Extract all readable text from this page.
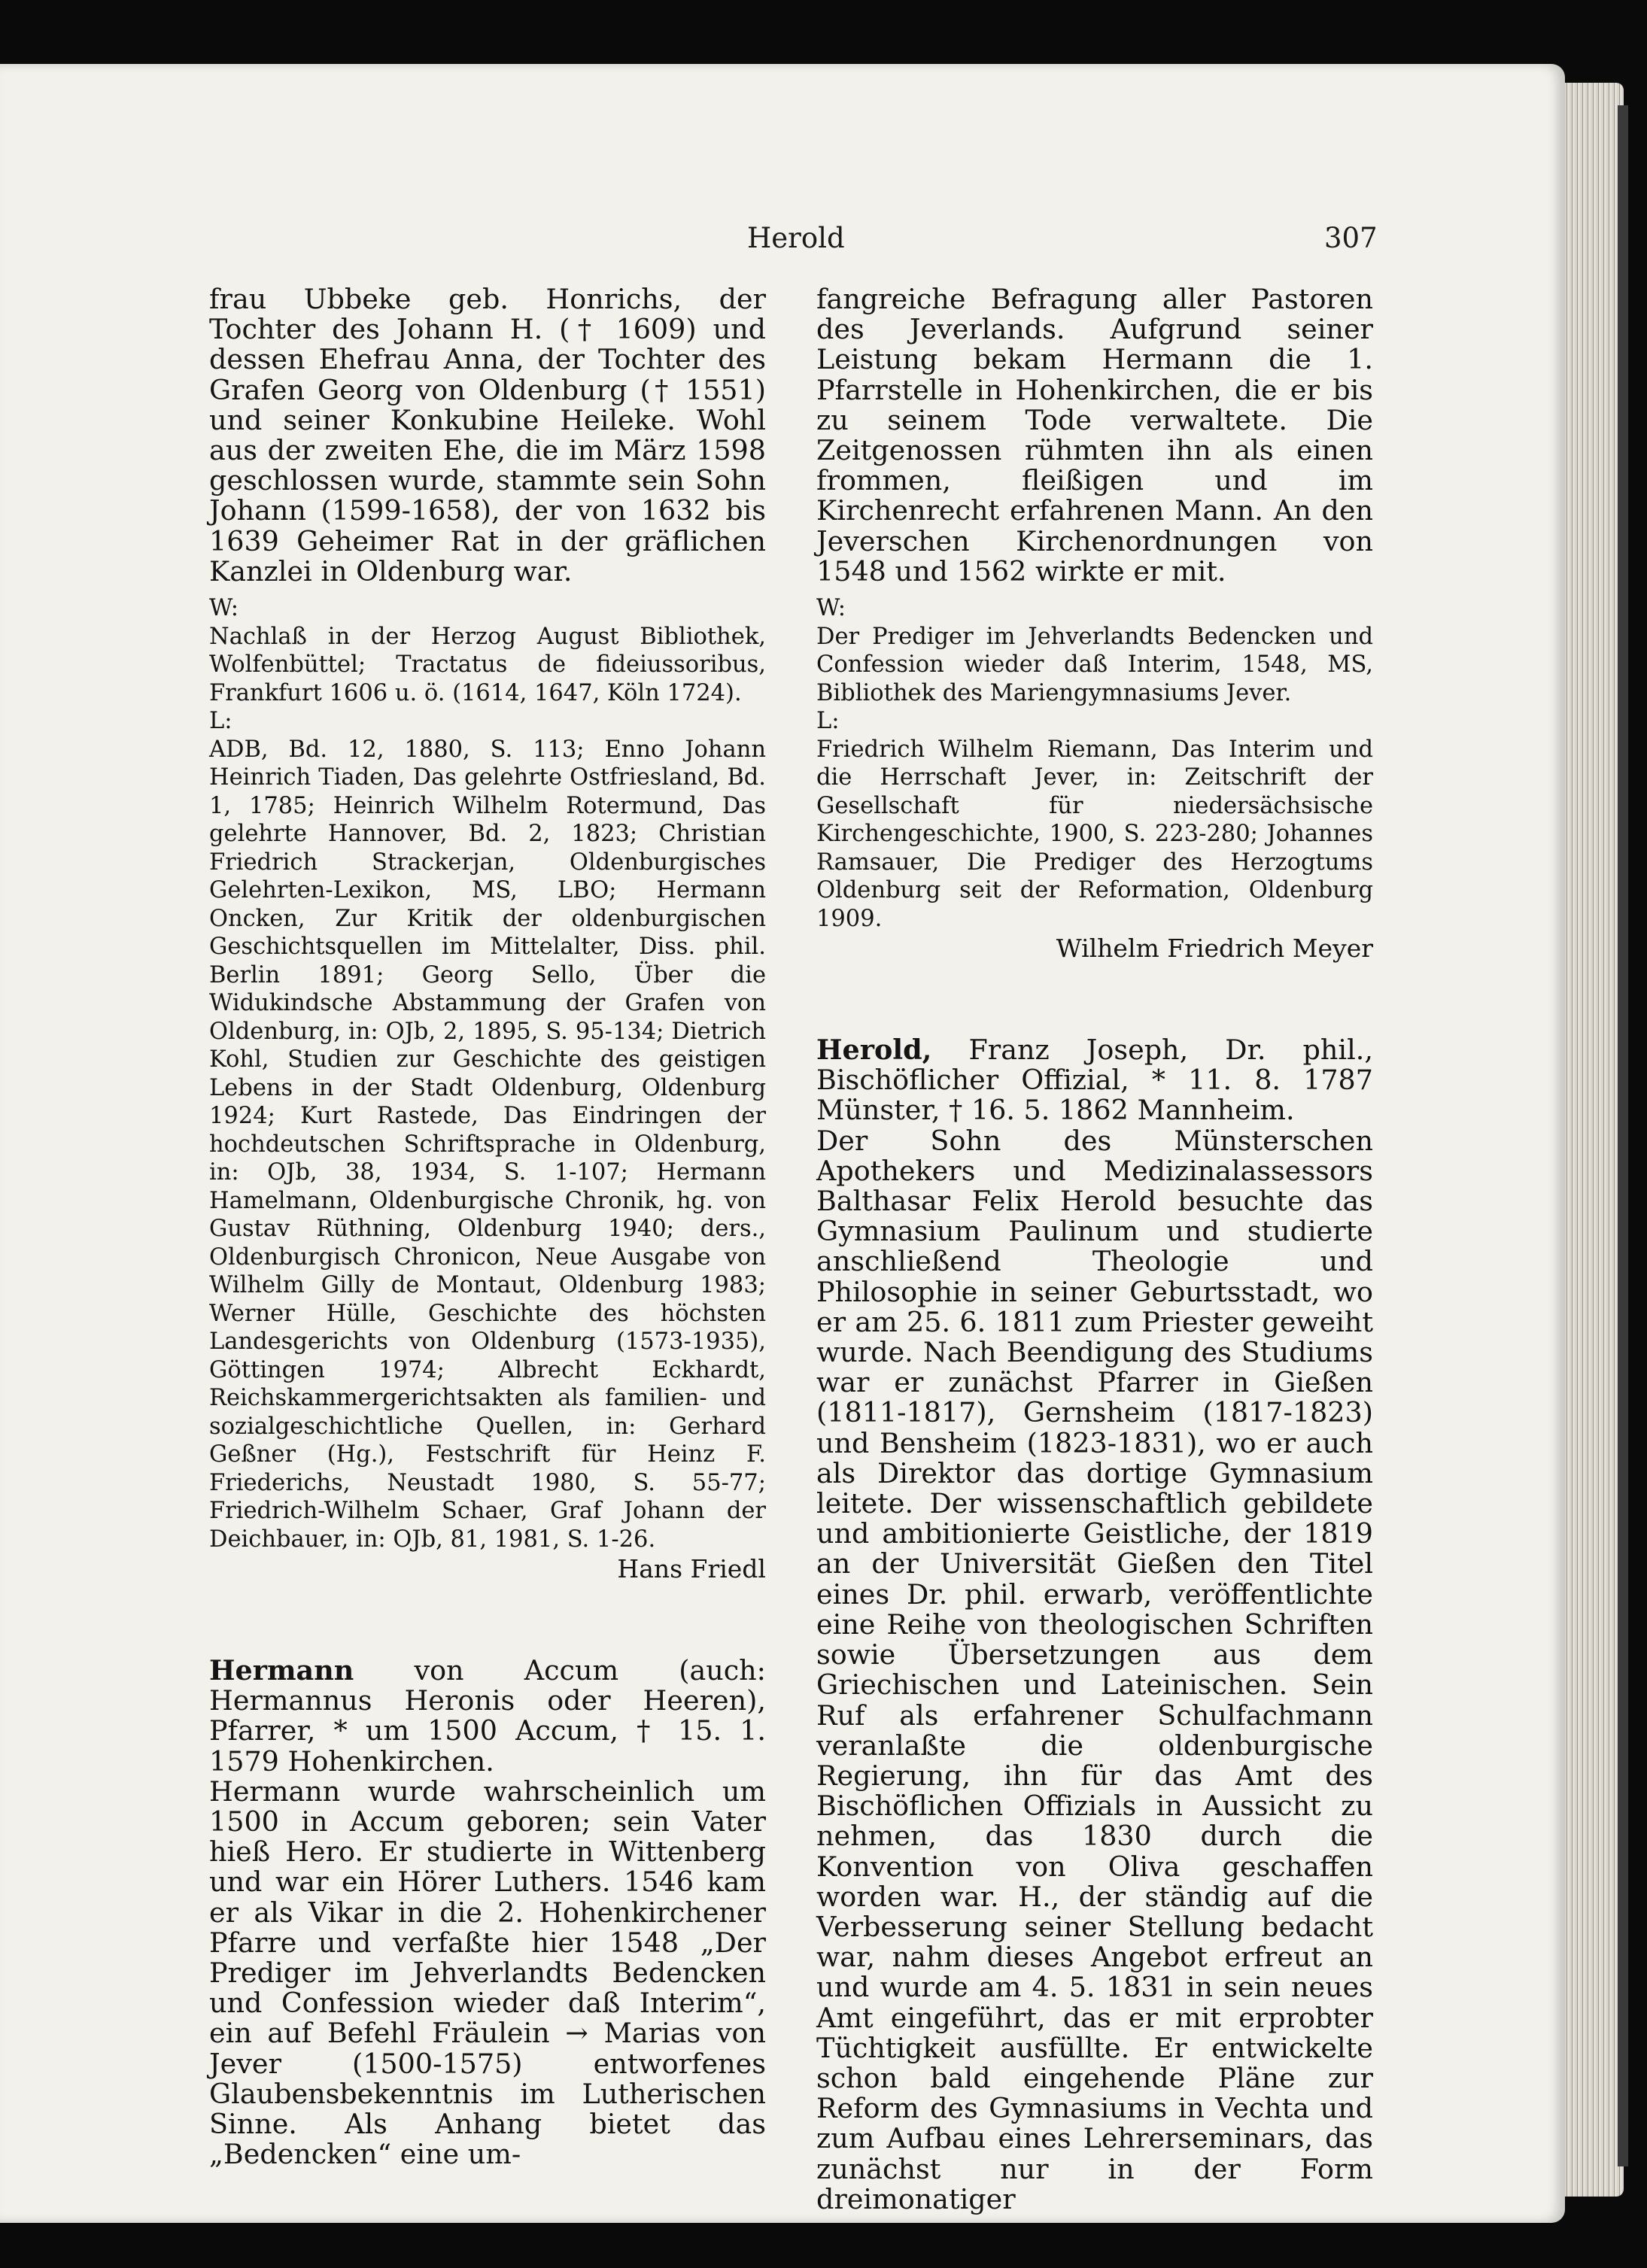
Herold	307

frau Ubbeke geb. Honrichs, der Tochter des Johann H. († 1609) und dessen Ehefrau Anna, der Tochter des Grafen Georg von Oldenburg († 1551) und seiner Konkubine Heileke. Wohl aus der zweiten Ehe, die im März 1598 geschlossen wurde, stammte sein Sohn Johann (1599-1658), der von 1632 bis 1639 Geheimer Rat in der gräflichen Kanzlei in Oldenburg war.

W:

Nachlaß in der Herzog August Bibliothek, Wolfenbüttel; Tractatus de fideiussoribus, Frankfurt 1606 u. ö. (1614, 1647, Köln 1724).

L:

ADB, Bd. 12, 1880, S. 113; Enno Johann Heinrich Tiaden, Das gelehrte Ostfriesland, Bd. 1, 1785; Heinrich Wilhelm Rotermund, Das gelehrte Hannover, Bd. 2, 1823; Christian Friedrich Strackerjan, Oldenburgisches Gelehrten-Lexikon, MS, LBO; Hermann Oncken, Zur Kritik der oldenburgischen Geschichtsquellen im Mittelalter, Diss. phil. Berlin 1891; Georg Sello, Über die Widukindsche Abstammung der Grafen von Oldenburg, in: OJb, 2, 1895, S. 95-134; Dietrich Kohl, Studien zur Geschichte des geistigen Lebens in der Stadt Oldenburg, Oldenburg 1924; Kurt Rastede, Das Eindringen der hochdeutschen Schriftsprache in Oldenburg, in: OJb, 38, 1934, S. 1-107; Hermann Hamelmann, Oldenburgische Chronik, hg. von Gustav Rüthning, Oldenburg 1940; ders., Oldenburgisch Chronicon, Neue Ausgabe von Wilhelm Gilly de Montaut, Oldenburg 1983; Werner Hülle, Geschichte des höchsten Landesgerichts von Oldenburg (1573-1935), Göttingen 1974; Albrecht Eckhardt, Reichskammergerichtsakten als familien- und sozialgeschichtliche Quellen, in: Gerhard Geßner (Hg.), Festschrift für Heinz F. Friederichs, Neustadt 1980, S. 55-77; Friedrich-Wilhelm Schaer, Graf Johann der Deichbauer, in: OJb, 81, 1981, S. 1-26.

Hans Friedl

Hermann von Accum (auch: Hermannus Heronis oder Heeren), Pfarrer, * um 1500 Accum, † 15. 1. 1579 Hohenkirchen.

Hermann wurde wahrscheinlich um 1500 in Accum geboren; sein Vater hieß Hero. Er studierte in Wittenberg und war ein Hörer Luthers. 1546 kam er als Vikar in die 2. Hohenkirchener Pfarre und verfaßte hier 1548 „Der Prediger im Jehverlandts Bedencken und Confession wieder daß Interim“, ein auf Befehl Fräulein → Marias von Jever (1500-1575) entworfenes Glaubensbekenntnis im Lutherischen Sinne. Als Anhang bietet das „Bedencken“ eine um-

fangreiche Befragung aller Pastoren des Jeverlands. Aufgrund seiner Leistung bekam Hermann die 1. Pfarrstelle in Hohenkirchen, die er bis zu seinem Tode verwaltete. Die Zeitgenossen rühmten ihn als einen frommen, fleißigen und im Kirchenrecht erfahrenen Mann. An den Jeverschen Kirchenordnungen von 1548 und 1562 wirkte er mit.

W:

Der Prediger im Jehverlandts Bedencken und Confession wieder daß Interim, 1548, MS, Bibliothek des Mariengymnasiums Jever.

L:

Friedrich Wilhelm Riemann, Das Interim und die Herrschaft Jever, in: Zeitschrift der Gesellschaft für niedersächsische Kirchengeschichte, 1900, S. 223-280; Johannes Ramsauer, Die Prediger des Herzogtums Oldenburg seit der Reformation, Oldenburg 1909.

Wilhelm Friedrich Meyer

Herold, Franz Joseph, Dr. phil., Bischöflicher Offizial, * 11. 8. 1787 Münster, † 16. 5. 1862 Mannheim.

Der Sohn des Münsterschen Apothekers und Medizinalassessors Balthasar Felix Herold besuchte das Gymnasium Paulinum und studierte anschließend Theologie und Philosophie in seiner Geburtsstadt, wo er am 25. 6. 1811 zum Priester geweiht wurde. Nach Beendigung des Studiums war er zunächst Pfarrer in Gießen (1811-1817), Gernsheim (1817-1823) und Bensheim (1823-1831), wo er auch als Direktor das dortige Gymnasium leitete. Der wissenschaftlich gebildete und ambitionierte Geistliche, der 1819 an der Universität Gießen den Titel eines Dr. phil. erwarb, veröffentlichte eine Reihe von theologischen Schriften sowie Übersetzungen aus dem Griechischen und Lateinischen. Sein Ruf als erfahrener Schulfachmann veranlaßte die oldenburgische Regierung, ihn für das Amt des Bischöflichen Offizials in Aussicht zu nehmen, das 1830 durch die Konvention von Oliva geschaffen worden war. H., der ständig auf die Verbesserung seiner Stellung bedacht war, nahm dieses Angebot erfreut an und wurde am 4. 5. 1831 in sein neues Amt eingeführt, das er mit erprobter Tüchtigkeit ausfüllte. Er entwickelte schon bald eingehende Pläne zur Reform des Gymnasiums in Vechta und zum Aufbau eines Lehrerseminars, das zunächst nur in der Form dreimonatiger
